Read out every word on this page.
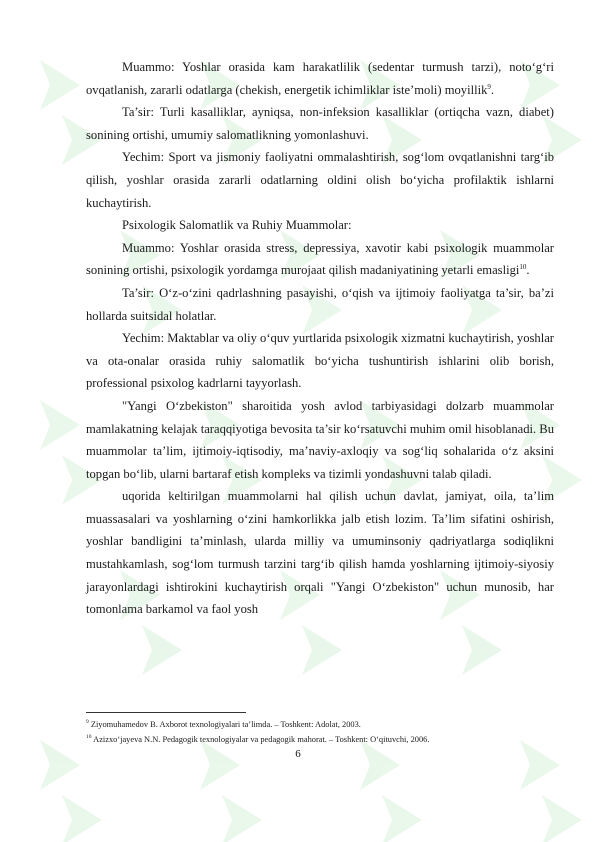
Muammo: Yoshlar orasida kam harakatlilik (sedentar turmush tarzi), noto‘g‘ri ovqatlanish, zararli odatlarga (chekish, energetik ichimliklar iste’moli) moyillik$^9$.

Ta’sir: Turli kasalliklar, ayniqsa, non-infeksion kasalliklar (ortiqcha vazn, diabet) sonining ortishi, umumiy salomatlikning yomonlashuvi.

Yechim: Sport va jismoniy faoliyatni ommalashtirish, sog‘lom ovqatlanishni targ‘ib qilish, yoshlar orasida zararli odatlarning oldini olish bo‘yicha profilaktik ishlarni kuchaytirish.

Psixologik Salomatlik va Ruhiy Muammolar:

Muammo: Yoshlar orasida stress, depressiya, xavotir kabi psixologik muammolar sonining ortishi, psixologik yordamga murojaat qilish madaniyatining yetarli emasligi$^{10}$.

Ta’sir: O‘z-o‘zini qadrlashning pasayishi, o‘qish va ijtimoiy faoliyatga ta’sir, ba’zi hollarda suitsidal holatlar.

Yechim: Maktablar va oliy o‘quv yurtlarida psixologik xizmatni kuchaytirish, yoshlar va ota-onalar orasida ruhiy salomatlik bo‘yicha tushuntirish ishlarini olib borish, professional psixolog kadrlarni tayyorlash.

"Yangi O‘zbekiston" sharoitida yosh avlod tarbiyasidagi dolzarb muammolar mamlakatning kelajak taraqqiyotiga bevosita ta’sir ko‘rsatuvchi muhim omil hisoblanadi. Bu muammolar ta’lim, ijtimoiy-iqtisodiy, ma’naviy-axloqiy va sog‘liq sohalarida o‘z aksini topgan bo‘lib, ularni bartaraf etish kompleks va tizimli yondashuvni talab qiladi.

uqorida keltirilgan muammolarni hal qilish uchun davlat, jamiyat, oila, ta’lim muassasalari va yoshlarning o‘zini hamkorlikka jalb etish lozim. Ta’lim sifatini oshirish, yoshlar bandligini ta’minlash, ularda milliy va umuminsoniy qadriyatlarga sodiqlikni mustahkamlash, sog‘lom turmush tarzini targ‘ib qilish hamda yoshlarning ijtimoiy-siyosiy jarayonlardagi ishtirokini kuchaytirish orqali "Yangi O‘zbekiston" uchun munosib, har tomonlama barkamol va faol yosh

$^9$ Ziyomuhamedov B. Axborot texnologiyalari ta’limda. – Toshkent: Adolat, 2003.

$^{10}$ Azizxo‘jayeva N.N. Pedagogik texnologiyalar va pedagogik mahorat. – Toshkent: O‘qituvchi, 2006.

6
